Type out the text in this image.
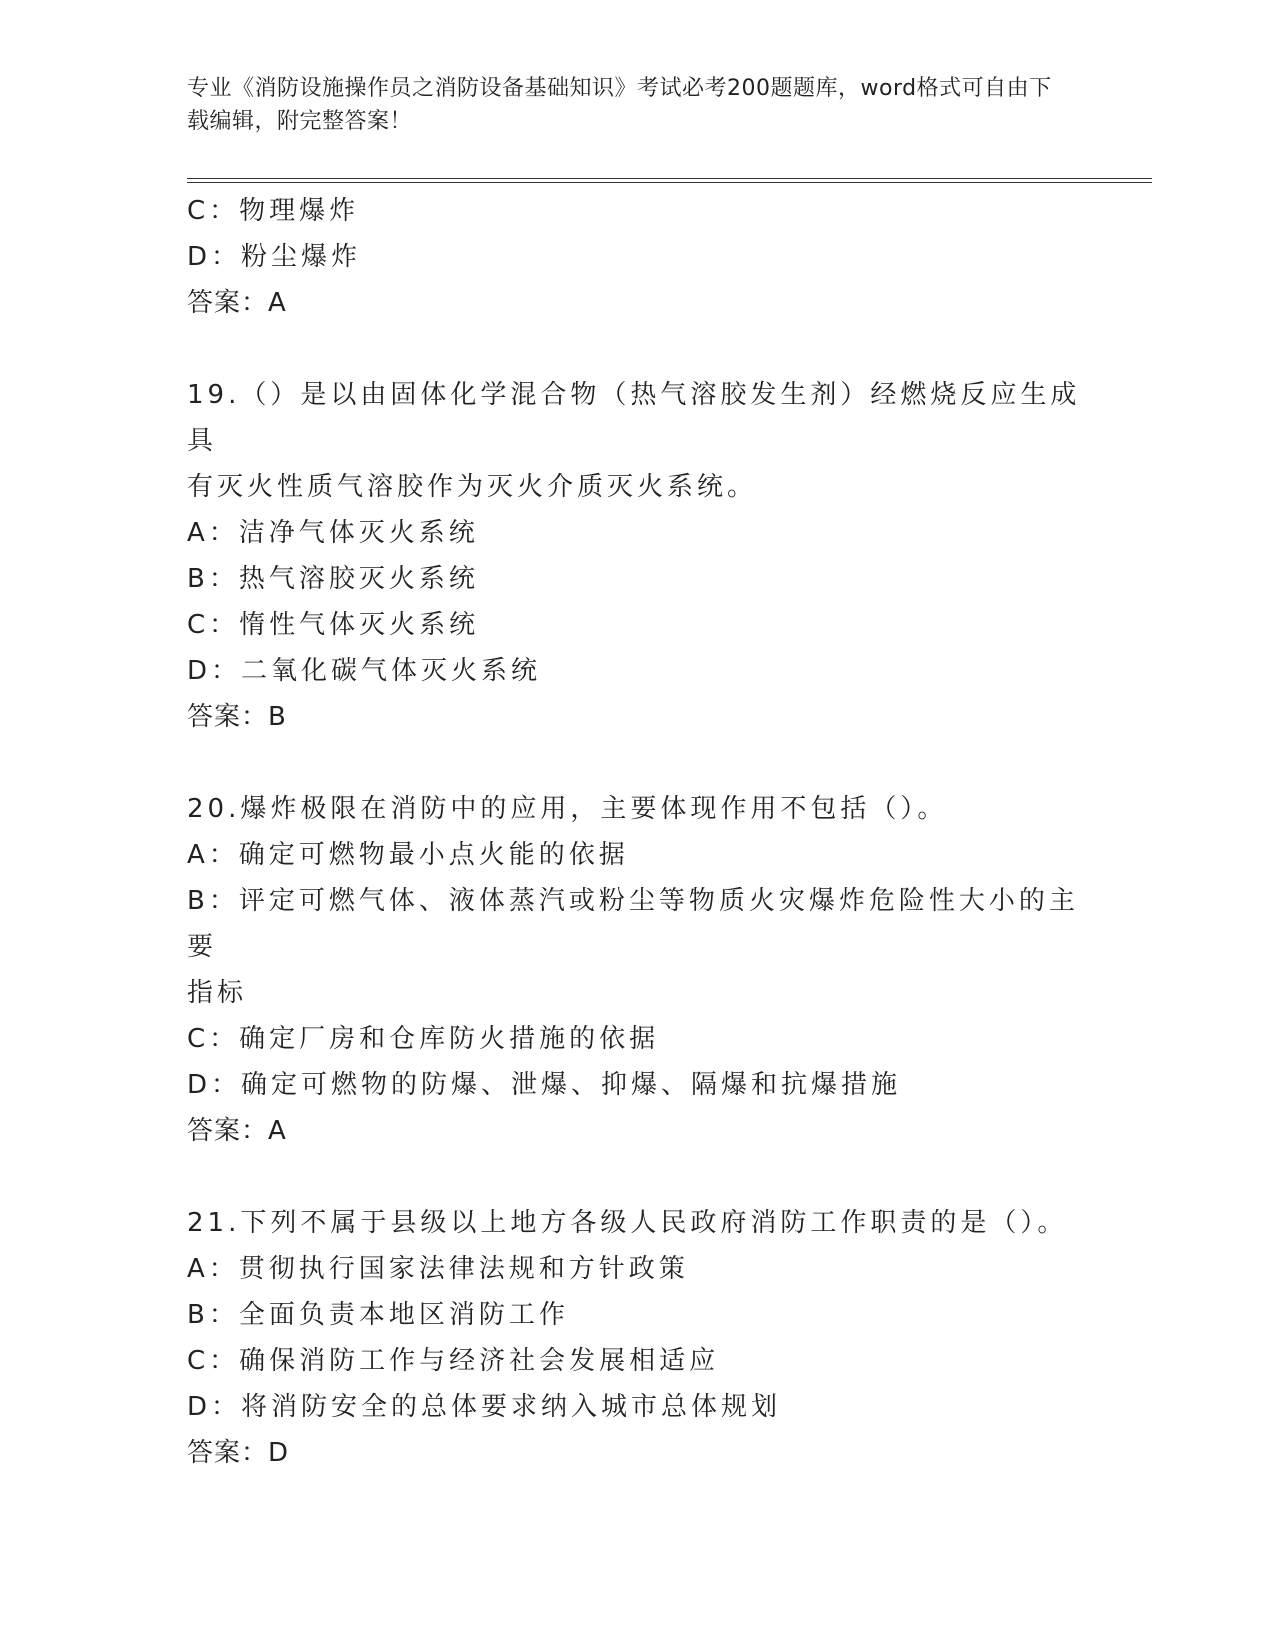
专业《消防设施操作员之消防设备基础知识》考试必考200题题库，word格式可自由下载编辑，附完整答案！
C：物理爆炸
D：粉尘爆炸
答案：A
19.（）是以由固体化学混合物（热气溶胶发生剂）经燃烧反应生成具
有灭火性质气溶胶作为灭火介质灭火系统。
A：洁净气体灭火系统
B：热气溶胶灭火系统
C：惰性气体灭火系统
D：二氧化碳气体灭火系统
答案：B
20.爆炸极限在消防中的应用，主要体现作用不包括（）。
A：确定可燃物最小点火能的依据
B：评定可燃气体、液体蒸汽或粉尘等物质火灾爆炸危险性大小的主要
指标
C：确定厂房和仓库防火措施的依据
D：确定可燃物的防爆、泄爆、抑爆、隔爆和抗爆措施
答案：A
21.下列不属于县级以上地方各级人民政府消防工作职责的是（）。
A：贯彻执行国家法律法规和方针政策
B：全面负责本地区消防工作
C：确保消防工作与经济社会发展相适应
D：将消防安全的总体要求纳入城市总体规划
答案：D
